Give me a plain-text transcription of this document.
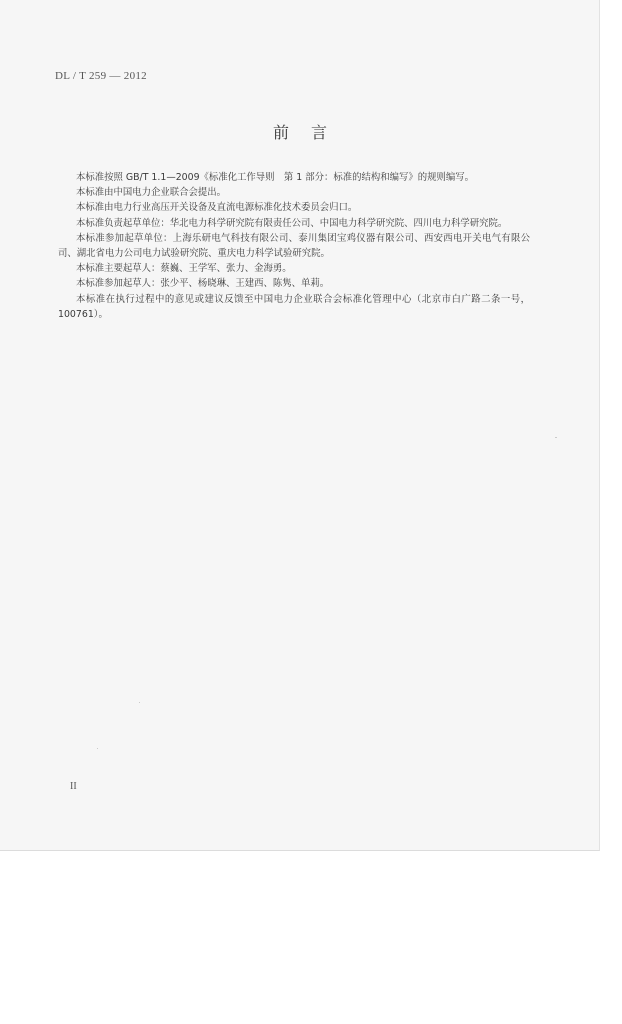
DL / T 259 — 2012
前言

本标准按照 GB/T 1.1—2009《标准化工作导则　第 1 部分：标准的结构和编写》的规则编写。

本标准由中国电力企业联合会提出。

本标准由电力行业高压开关设备及直流电源标准化技术委员会归口。

本标准负责起草单位：华北电力科学研究院有限责任公司、中国电力科学研究院、四川电力科学研究院。

本标准参加起草单位：上海乐研电气科技有限公司、泰川集团宝鸡仪器有限公司、西安西电开关电气有限公司、湖北省电力公司电力试验研究院、重庆电力科学试验研究院。

本标准主要起草人：蔡巍、王学军、张力、金海勇。

本标准参加起草人：张少平、杨晓琳、王建西、陈隽、单莉。

本标准在执行过程中的意见或建议反馈至中国电力企业联合会标准化管理中心（北京市白广路二条一号，100761）。

II
